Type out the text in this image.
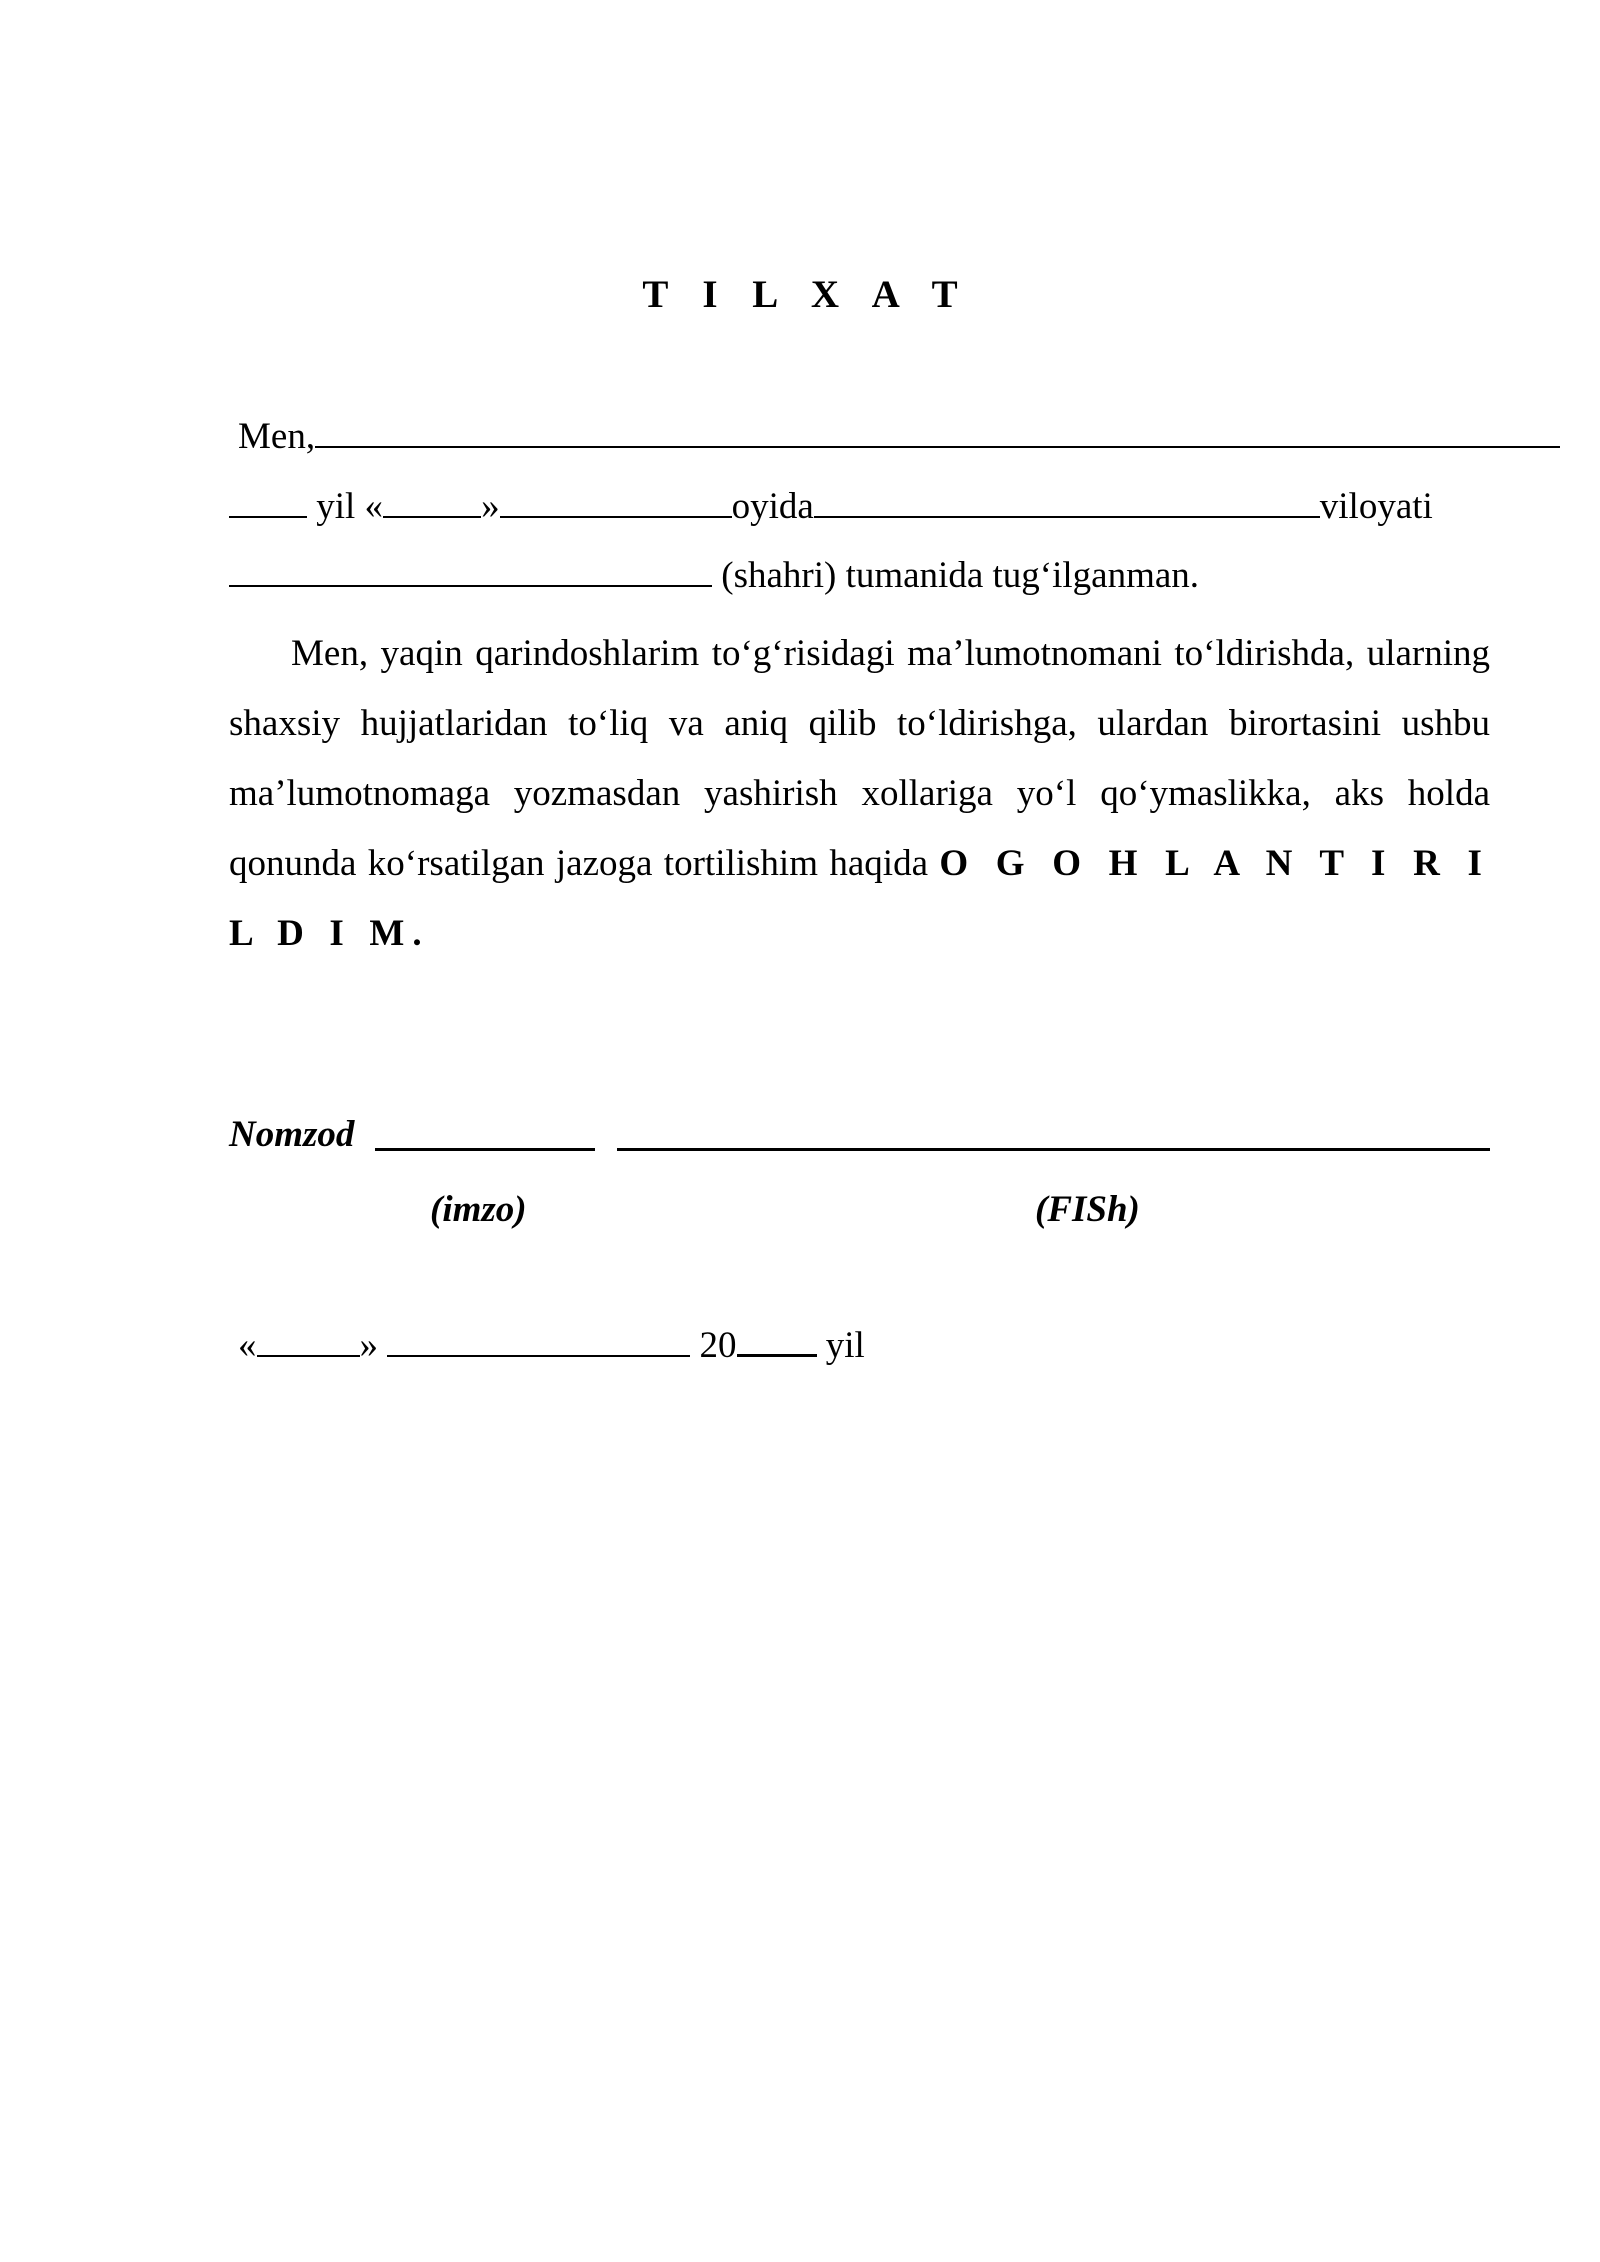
T I L X A T
Men,
yil «	»	oyida	viloyati
(shahri) tumanida tug‘ilganman.
Men, yaqin qarindoshlarim to‘g‘risidagi ma’lumotnomani to‘ldirishda, ularning shaxsiy hujjatlaridan to‘liq va aniq qilib to‘ldirishga, ulardan birortasini ushbu ma’lumotnomaga yozmasdan yashirish xollariga yo‘l qo‘ymaslikka, aks holda qonunda ko‘rsatilgan jazoga tortilishim haqida O G O H L A N T I R I L D I M.
Nomzod
(imzo)	(FISh)
«	»	20 yil
